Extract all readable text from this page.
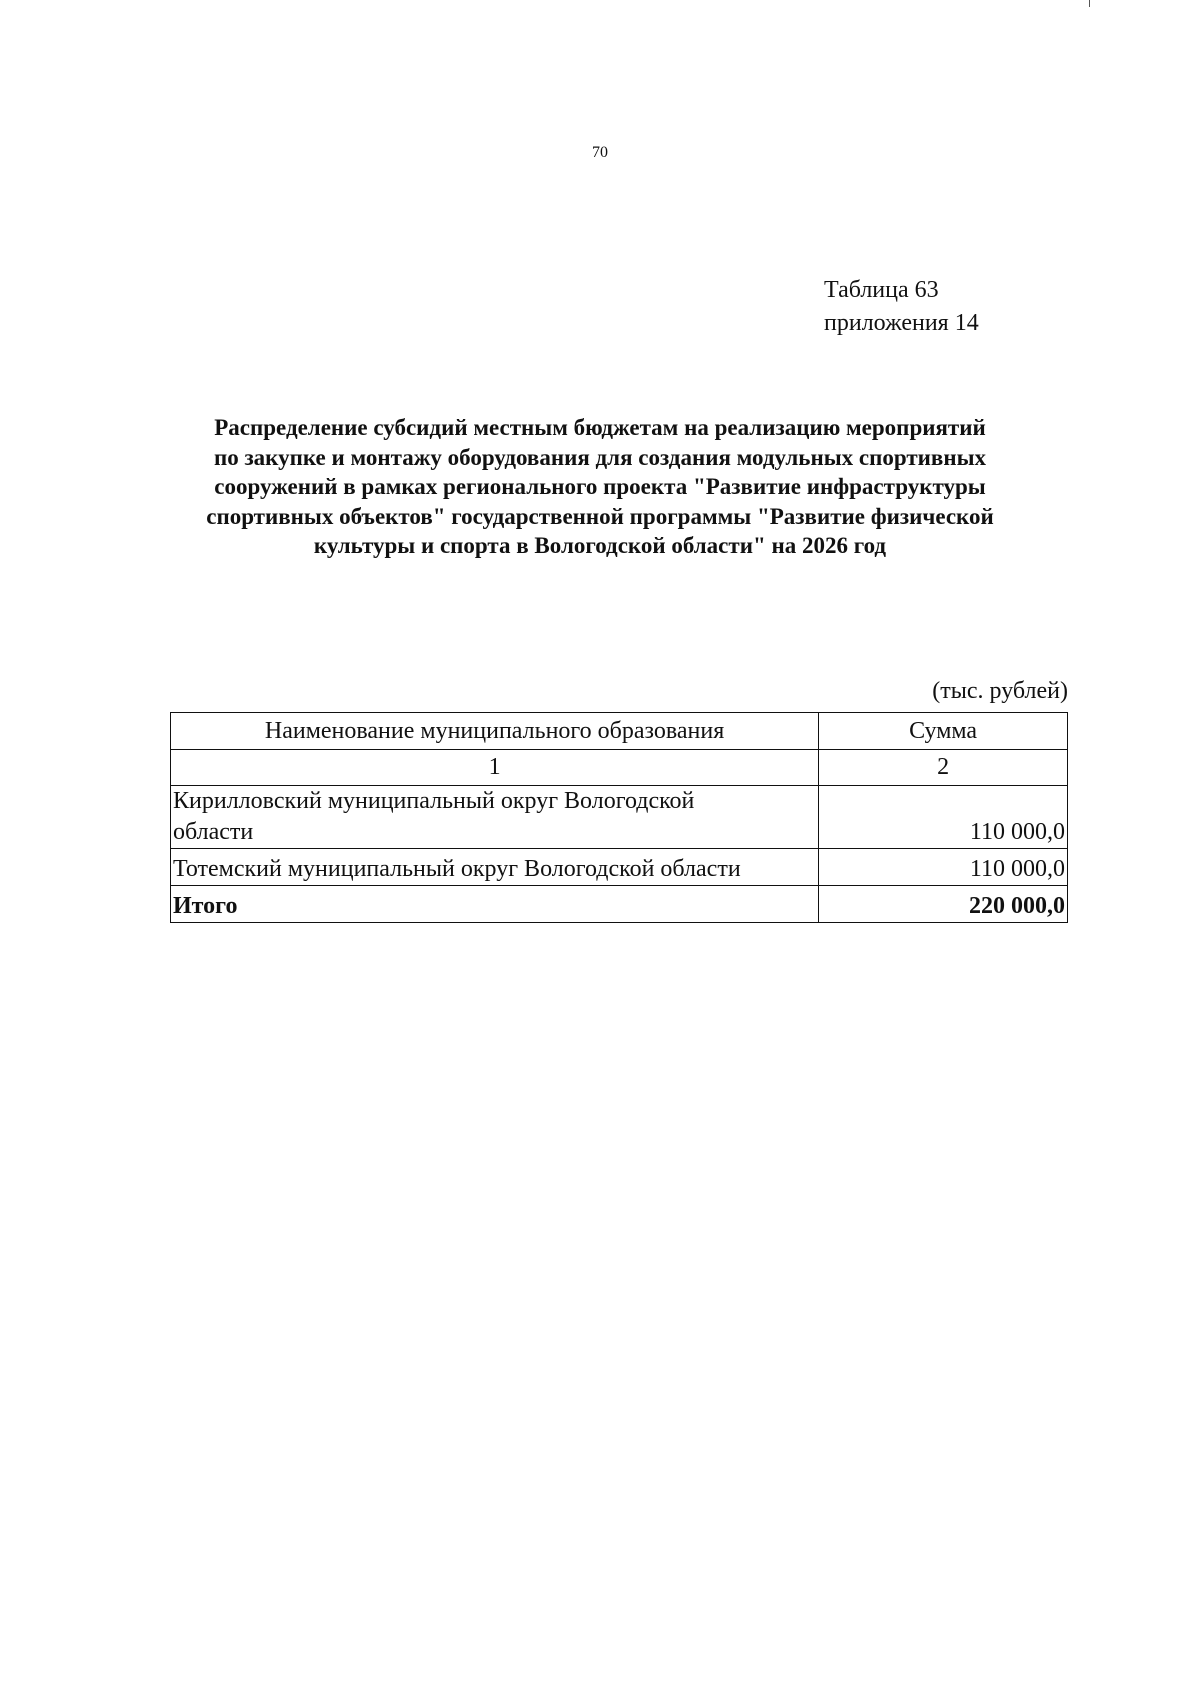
70
Таблица 63
приложения 14
Распределение субсидий местным бюджетам на реализацию мероприятий
по закупке и монтажу оборудования для создания модульных спортивных
сооружений в рамках регионального проекта "Развитие инфраструктуры
спортивных объектов" государственной программы "Развитие физической
культуры и спорта в Вологодской области" на 2026 год
(тыс. рублей)
Наименование муниципального образования	Сумма
1	2

Кирилловский муниципальный округ Вологодской
области	110 000,0
Тотемский муниципальный округ Вологодской области	110 000,0
Итого	220 000,0
